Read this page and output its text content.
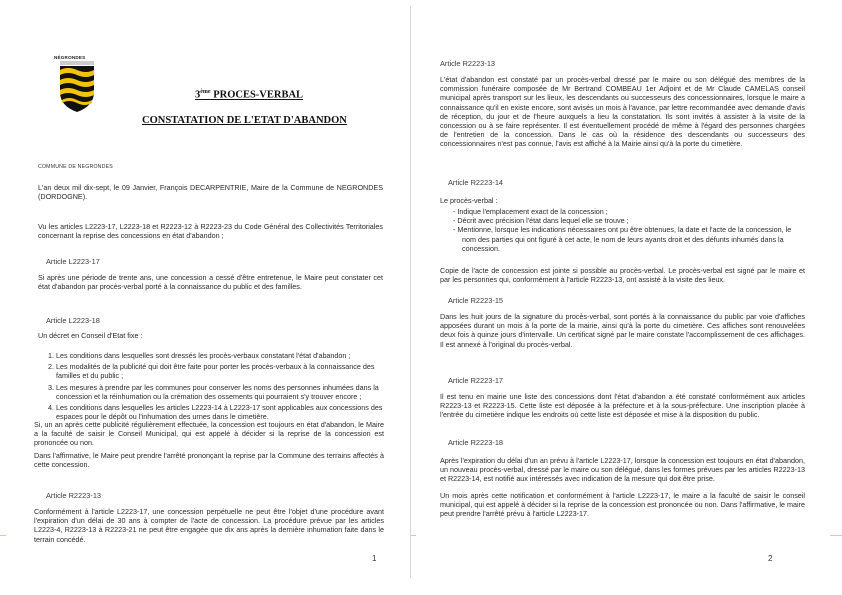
NÉGRONDES
3ème PROCES-VERBAL
CONSTATATION DE L'ETAT D'ABANDON
COMMUNE DE NEGRONDES
L'an deux mil dix-sept, le 09 Janvier, François DECARPENTRIE, Maire de la Commune de NEGRONDES (DORDOGNE).
Vu les articles L2223-17, L2223-18 et R2223-12 à R2223-23 du Code Général des Collectivités Territoriales concernant la reprise des concessions en état d'abandon ;
Article L2223-17
Si après une période de trente ans, une concession a cessé d'être entretenue, le Maire peut constater cet état d'abandon par procès-verbal porté à la connaissance du public et des familles.
Article L2223-18
Un décret en Conseil d'Etat fixe :
1. Les conditions dans lesquelles sont dressés les procès-verbaux constatant l'état d'abandon ;
2. Les modalités de la publicité qui doit être faite pour porter les procès-verbaux à la connaissance des familles et du public ;
3. Les mesures à prendre par les communes pour conserver les noms des personnes inhumées dans la concession et la réinhumation ou la crémation des ossements qui pourraient s'y trouver encore ;
4. Les conditions dans lesquelles les articles L2223-14 à L2223-17 sont applicables aux concessions des espaces pour le dépôt ou l'inhumation des urnes dans le cimetière.
Si, un an après cette publicité régulièrement effectuée, la concession est toujours en état d'abandon, le Maire a la faculté de saisir le Conseil Municipal, qui est appelé à décider si la reprise de la concession est prononcée ou non.
Dans l'affirmative, le Maire peut prendre l'arrêté prononçant la reprise par la Commune des terrains affectés à cette concession.
Article R2223-13
Conformément à l'article L2223-17, une concession perpétuelle ne peut être l'objet d'une procédure avant l'expiration d'un délai de 30 ans à compter de l'acte de concession. La procédure prévue par les articles L2223-4, R2223-13 à R2223-21 ne peut être engagée que dix ans après la dernière inhumation faite dans le terrain concédé.
1
Article R2223-13
L'état d'abandon est constaté par un procès-verbal dressé par le maire ou son délégué des membres de la commission funéraire composée de Mr Bertrand COMBEAU 1er Adjoint et de Mr Claude CAMELAS conseil municipal après transport sur les lieux, les descendants ou successeurs des concessionnaires, lorsque le maire a connaissance qu'il en existe encore, sont avisés un mois à l'avance, par lettre recommandée avec demande d'avis de réception, du jour et de l'heure auxquels a lieu la constatation. Ils sont invités à assister à la visite de la concession ou à se faire représenter. Il est éventuellement procédé de même à l'égard des personnes chargées de l'entretien de la concession. Dans le cas où la résidence des descendants ou successeurs des concessionnaires n'est pas connue, l'avis est affiché à la Mairie ainsi qu'à la porte du cimetière.
Article R2223-14
Le procès-verbal :
- Indique l'emplacement exact de la concession ;
- Décrit avec précision l'état dans lequel elle se trouve ;
- Mentionne, lorsque les indications nécessaires ont pu être obtenues, la date et l'acte de la concession, le nom des parties qui ont figuré à cet acte, le nom de leurs ayants droit et des défunts inhumés dans la concession.
Copie de l'acte de concession est jointe si possible au procès-verbal. Le procès-verbal est signé par le maire et par les personnes qui, conformément à l'article R2223-13, ont assisté à la visite des lieux.
Article R2223-15
Dans les huit jours de la signature du procès-verbal, sont portés à la connaissance du public par voie d'affiches apposées durant un mois à la porte de la mairie, ainsi qu'à la porte du cimetière. Ces affiches sont renouvelées deux fois à quinze jours d'intervalle. Un certificat signé par le maire constate l'accomplissement de ces affichages. Il est annexé à l'original du procès-verbal.
Article R2223-17
Il est tenu en mairie une liste des concessions dont l'état d'abandon a été constaté conformément aux articles R2223-13 et R2223-15. Cette liste est déposée à la préfecture et à la sous-préfecture. Une inscription placée à l'entrée du cimetière indique les endroits où cette liste est déposée et mise à la disposition du public.
Article R2223-18
Après l'expiration du délai d'un an prévu à l'article L2223-17, lorsque la concession est toujours en état d'abandon, un nouveau procès-verbal, dressé par le maire ou son délégué, dans les formes prévues par les articles R2223-13 et R2223-14, est notifié aux intéressés avec indication de la mesure qui doit être prise.
Un mois après cette notification et conformément à l'article L2223-17, le maire a la faculté de saisir le conseil municipal, qui est appelé à décider si la reprise de la concession est prononcée ou non. Dans l'affirmative, le maire peut prendre l'arrêté prévu à l'article L2223-17.
2
